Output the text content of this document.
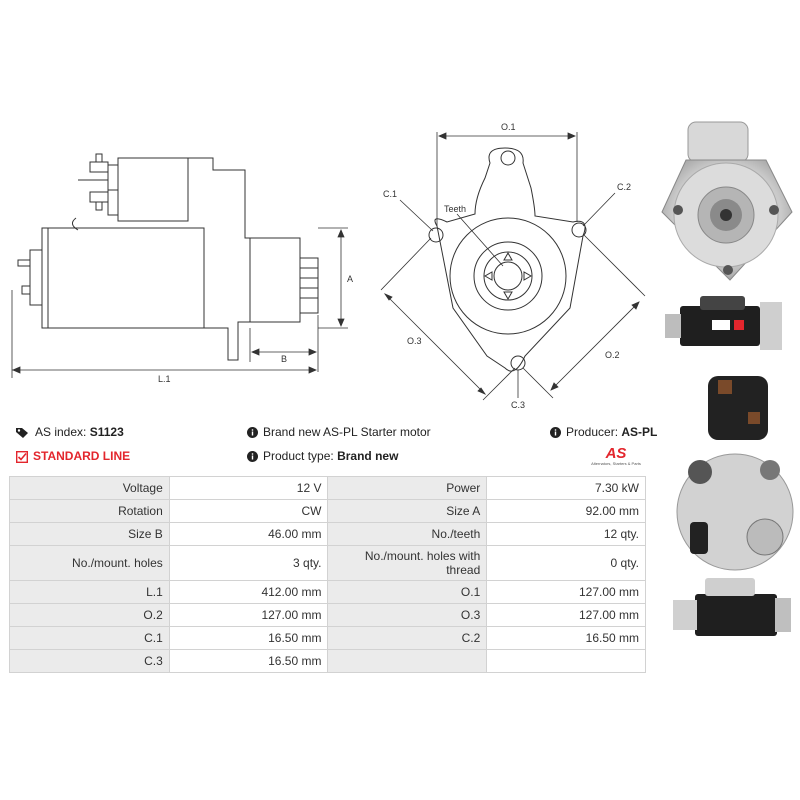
A
B
L.1
O.1
C.1
C.2
Teeth
O.3
O.2
C.3
AS index: S1123	Brand new AS-PL Starter motor	Producer: AS-PL
STANDARD LINE	Product type: Brand new	AS
Alternators, Starters & Parts
Voltage	12 V	Power	7.30 kW
Rotation	CW	Size A	92.00 mm
Size B	46.00 mm	No./teeth	12 qty.
No./mount. holes	3 qty.	No./mount. holes with thread	0 qty.
L.1	412.00 mm	O.1	127.00 mm
O.2	127.00 mm	O.3	127.00 mm
C.1	16.50 mm	C.2	16.50 mm
C.3	16.50 mm		
